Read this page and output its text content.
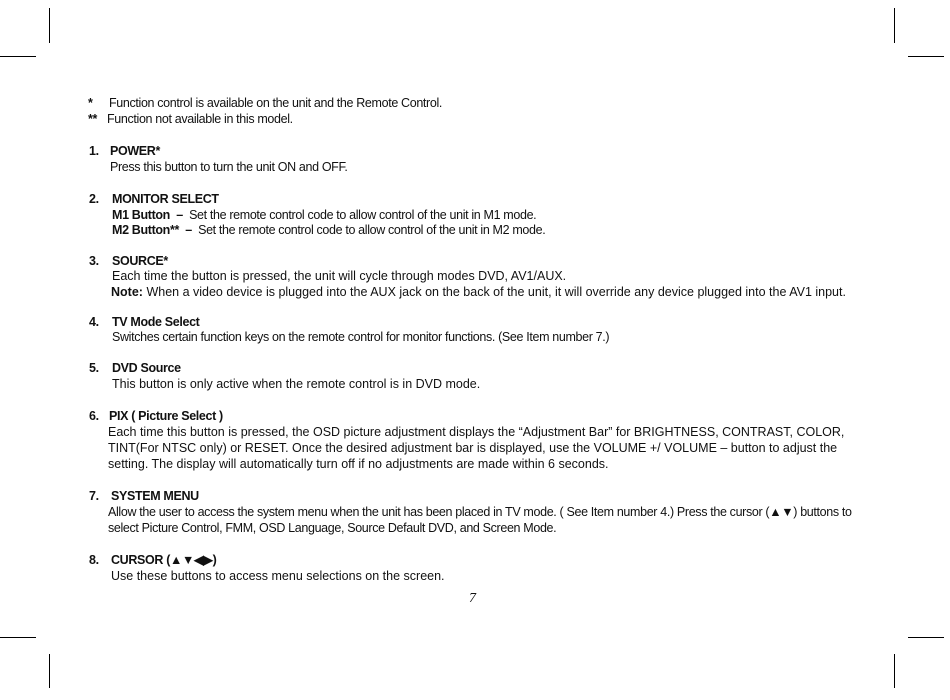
* Function control is available on the unit and the Remote Control.
** Function not available in this model.
1. POWER*
Press this button to turn the unit ON and OFF.
2. MONITOR SELECT
M1 Button – Set the remote control code to allow control of the unit in M1 mode.
M2 Button** – Set the remote control code to allow control of the unit in M2 mode.
3. SOURCE*
Each time the button is pressed, the unit will cycle through modes DVD, AV1/AUX.
Note: When a video device is plugged into the AUX jack on the back of the unit, it will override any device plugged into the AV1 input.
4. TV Mode Select
Switches certain function keys on the remote control for monitor functions. (See Item number 7.)
5. DVD Source
This button is only active when the remote control is in DVD mode.
6. PIX ( Picture Select )
Each time this button is pressed, the OSD picture adjustment displays the “Adjustment Bar” for BRIGHTNESS, CONTRAST, COLOR,
TINT(For NTSC only) or RESET. Once the desired adjustment bar is displayed, use the VOLUME +/ VOLUME – button to adjust the
setting. The display will automatically turn off if no adjustments are made within 6 seconds.
7. SYSTEM MENU
Allow the user to access the system menu when the unit has been placed in TV mode. ( See Item number 4.) Press the cursor (▲▼) buttons to
select Picture Control, FMM, OSD Language, Source Default DVD, and Screen Mode.
8. CURSOR (▲▼◀▶)
Use these buttons to access menu selections on the screen.
7
